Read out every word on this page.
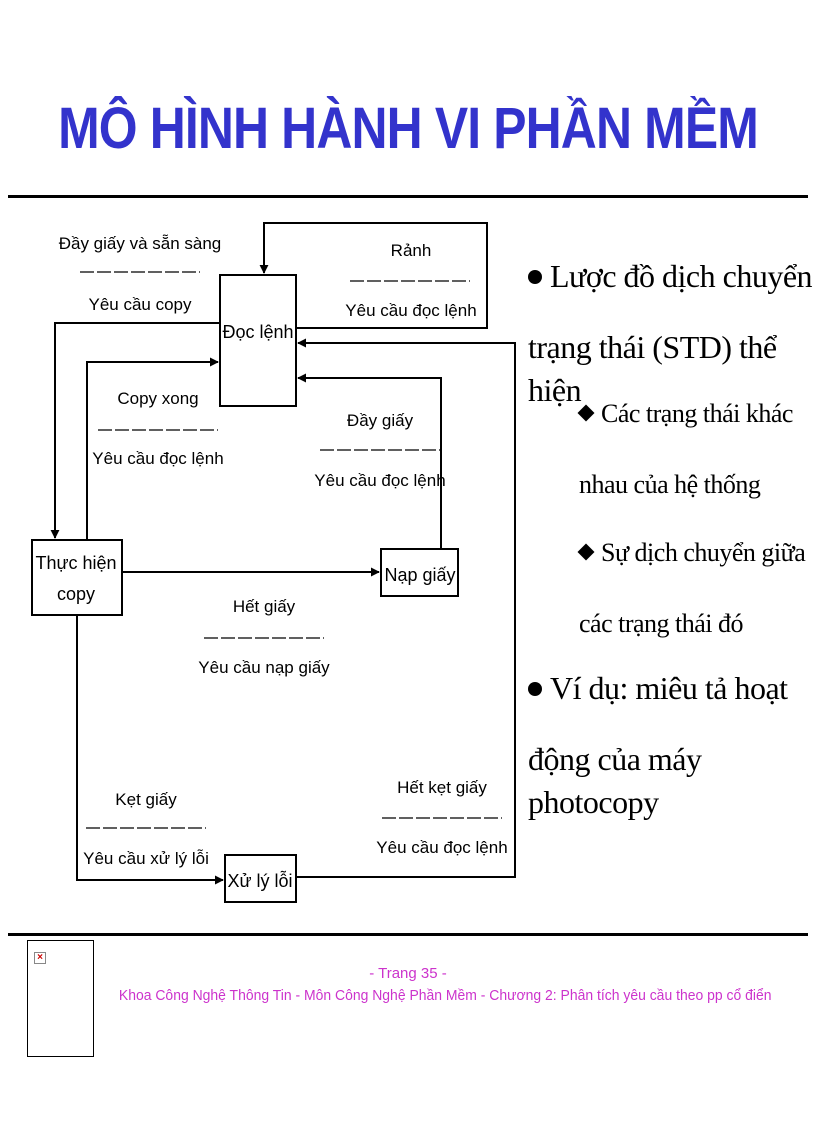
MÔ HÌNH HÀNH VI PHẦN MỀM
Đọc lệnh
Thực hiện
copy
Nạp giấy
Xử lý lỗi
Đầy giấy và sẵn sàng
Yêu cầu copy
Rảnh
Yêu cầu đọc lệnh
Copy xong
Yêu cầu đọc lệnh
Đầy giấy
Yêu cầu đọc lệnh
Hết giấy
Yêu cầu nạp giấy
Kẹt giấy
Yêu cầu xử lý lỗi
Hết kẹt giấy
Yêu cầu đọc lệnh
Lược đồ dịch chuyển
trạng thái (STD) thể hiện
Các trạng thái khác
nhau của hệ thống
Sự dịch chuyển giữa
các trạng thái đó
Ví dụ: miêu tả hoạt
động của máy photocopy
×
- Trang 35 -

Khoa Công Nghệ Thông Tin - Môn Công Nghệ Phần Mềm - Chương 2: Phân tích yêu cầu theo pp cổ điển
